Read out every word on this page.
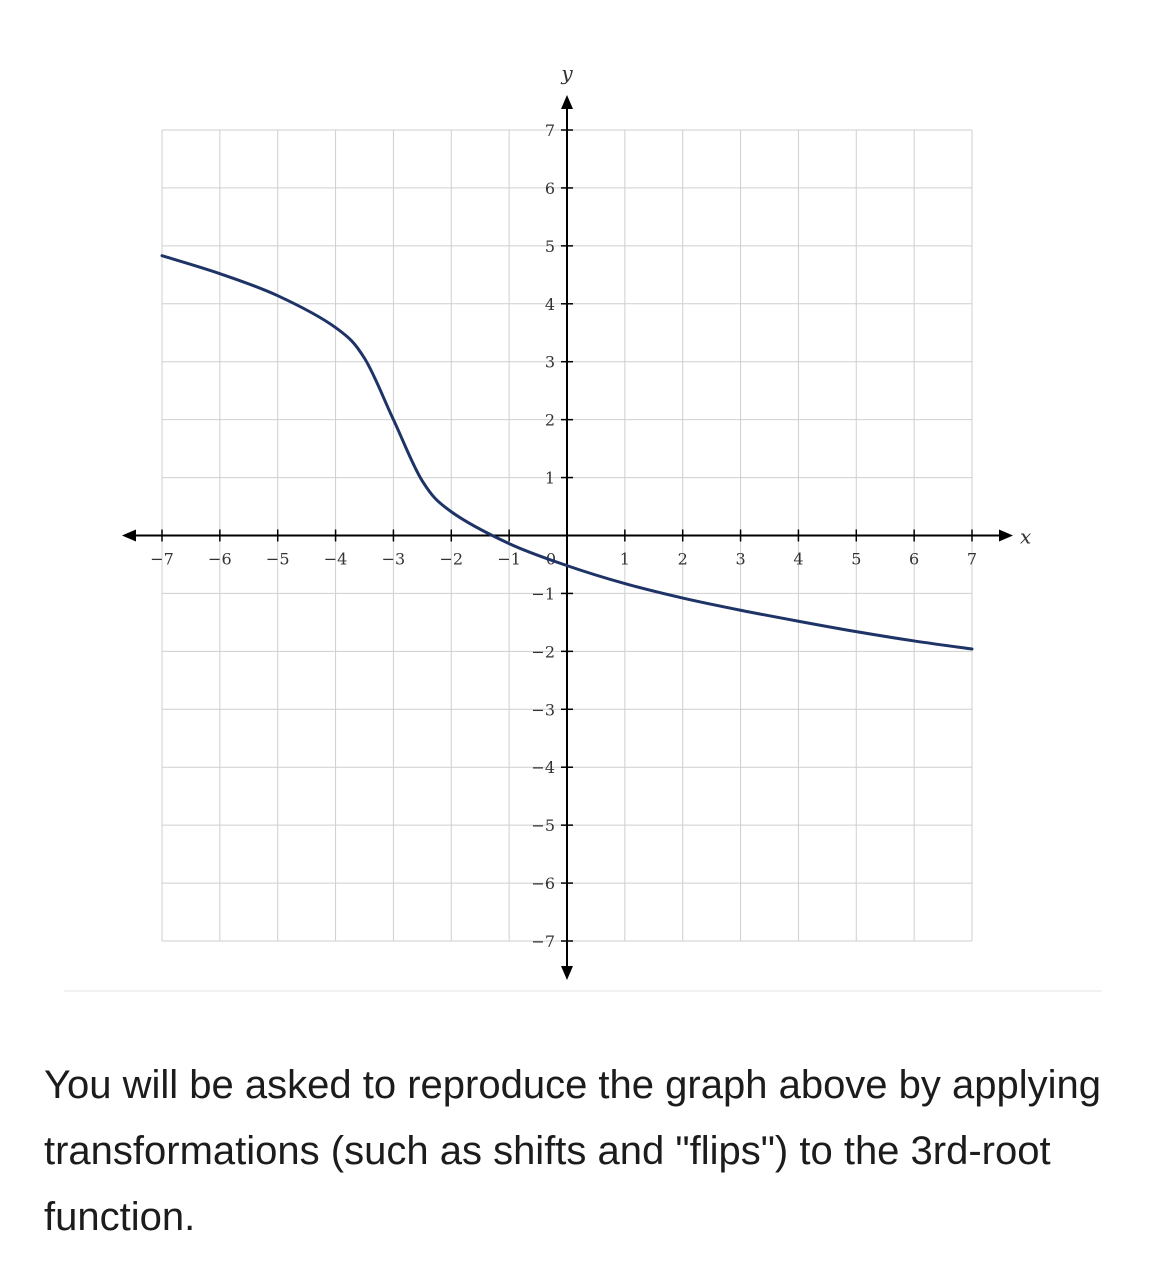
−7 −6 −5 −4 −3 −2 −1 0	1	2	3	4	5	6	7
7
6
5
4
3
2
1
−1
−2
−3
−4
−5
−6
−7
x
y

You will be asked to reproduce the graph above by applying transformations (such as shifts and "flips") to the 3rd-root function.
